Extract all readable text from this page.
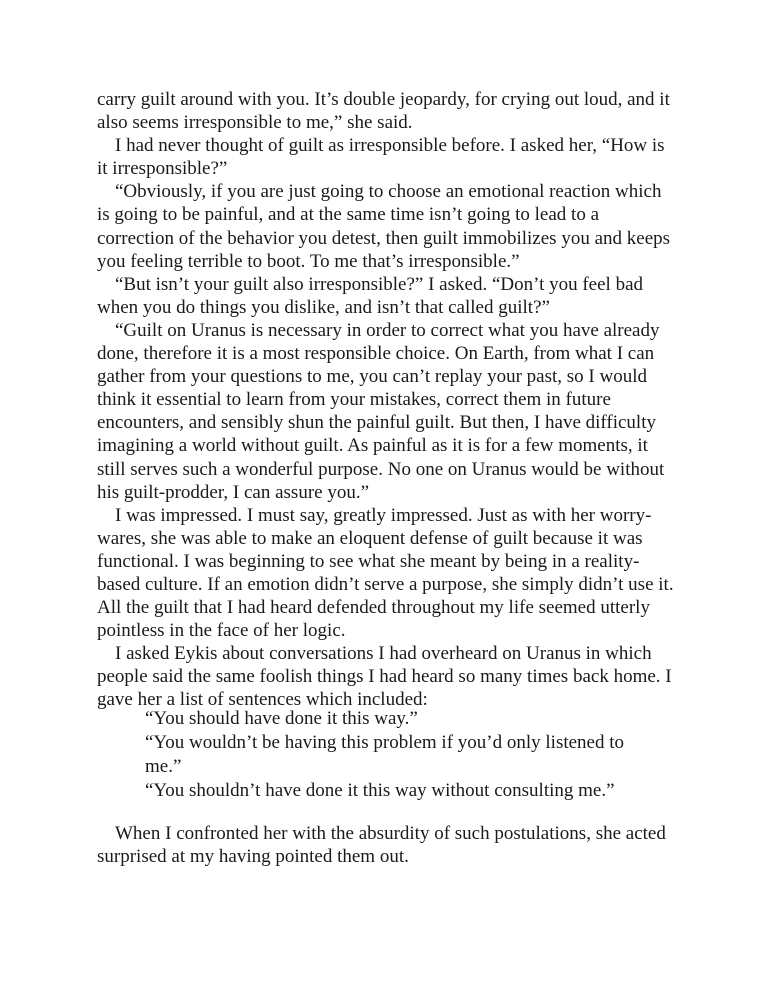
carry guilt around with you. It’s double jeopardy, for crying out loud, and it
also seems irresponsible to me,” she said.
I had never thought of guilt as irresponsible before. I asked her, “How is
it irresponsible?”
“Obviously, if you are just going to choose an emotional reaction which
is going to be painful, and at the same time isn’t going to lead to a
correction of the behavior you detest, then guilt immobilizes you and keeps
you feeling terrible to boot. To me that’s irresponsible.”
“But isn’t your guilt also irresponsible?” I asked. “Don’t you feel bad
when you do things you dislike, and isn’t that called guilt?”
“Guilt on Uranus is necessary in order to correct what you have already
done, therefore it is a most responsible choice. On Earth, from what I can
gather from your questions to me, you can’t replay your past, so I would
think it essential to learn from your mistakes, correct them in future
encounters, and sensibly shun the painful guilt. But then, I have difficulty
imagining a world without guilt. As painful as it is for a few moments, it
still serves such a wonderful purpose. No one on Uranus would be without
his guilt-prodder, I can assure you.”
I was impressed. I must say, greatly impressed. Just as with her worry-
wares, she was able to make an eloquent defense of guilt because it was
functional. I was beginning to see what she meant by being in a reality-
based culture. If an emotion didn’t serve a purpose, she simply didn’t use it.
All the guilt that I had heard defended throughout my life seemed utterly
pointless in the face of her logic.
I asked Eykis about conversations I had overheard on Uranus in which
people said the same foolish things I had heard so many times back home. I
gave her a list of sentences which included:
“You should have done it this way.”
“You wouldn’t be having this problem if you’d only listened to
me.”
“You shouldn’t have done it this way without consulting me.”
When I confronted her with the absurdity of such postulations, she acted
surprised at my having pointed them out.
